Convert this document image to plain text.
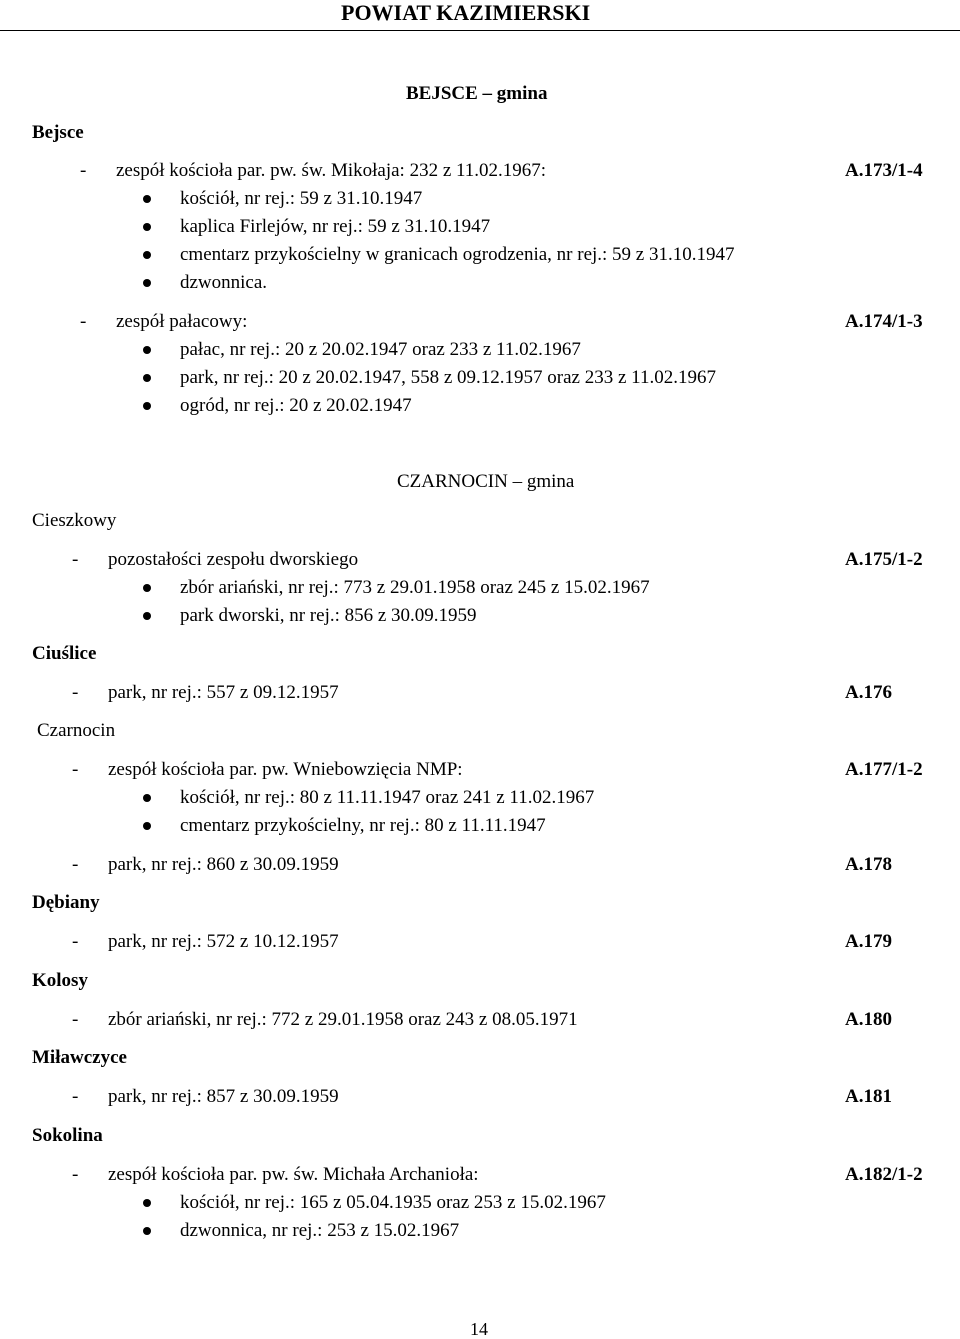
POWIAT KAZIMIERSKI
BEJSCE – gmina
Bejsce
- zespół kościoła par. pw. św. Mikołaja: 232 z 11.02.1967:	A.173/1-4
kościół, nr rej.: 59 z 31.10.1947
kaplica Firlejów, nr rej.: 59 z 31.10.1947
cmentarz przykościelny w granicach ogrodzenia, nr rej.: 59 z 31.10.1947
dzwonnica.
- zespół pałacowy:	A.174/1-3
pałac, nr rej.: 20 z 20.02.1947 oraz 233 z 11.02.1967
park, nr rej.: 20 z 20.02.1947, 558 z 09.12.1957 oraz 233 z 11.02.1967
ogród, nr rej.: 20 z 20.02.1947
CZARNOCIN – gmina
Cieszkowy
- pozostałości zespołu dworskiego	A.175/1-2
zbór ariański, nr rej.: 773 z 29.01.1958 oraz 245 z 15.02.1967
park dworski, nr rej.: 856 z 30.09.1959
Ciuślice
- park, nr rej.: 557 z 09.12.1957	A.176
Czarnocin
- zespół kościoła par. pw. Wniebowzięcia NMP:	A.177/1-2
kościół, nr rej.: 80 z 11.11.1947 oraz 241 z 11.02.1967
cmentarz przykościelny, nr rej.: 80 z 11.11.1947
- park, nr rej.: 860 z 30.09.1959	A.178
Dębiany
- park, nr rej.: 572 z 10.12.1957	A.179
Kolosy
- zbór ariański, nr rej.: 772 z 29.01.1958 oraz 243 z 08.05.1971	A.180
Miławczyce
- park, nr rej.: 857 z 30.09.1959	A.181
Sokolina
- zespół kościoła par. pw. św. Michała Archanioła:	A.182/1-2
kościół, nr rej.: 165 z 05.04.1935 oraz 253 z 15.02.1967
dzwonnica, nr rej.: 253 z 15.02.1967
14
